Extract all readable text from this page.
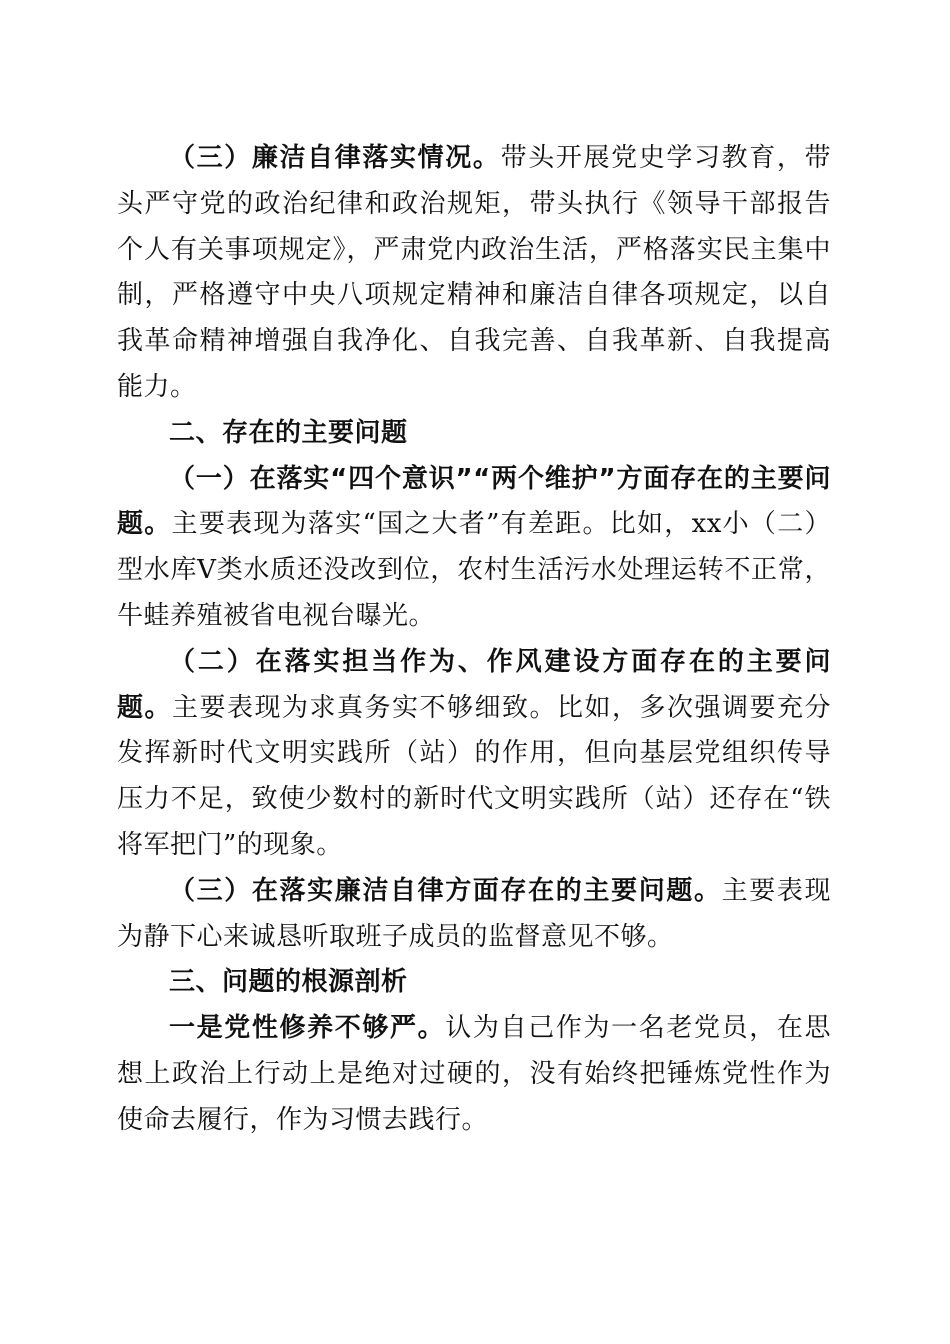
（三）廉洁自律落实情况。带头开展党史学习教育，带头严守党的政治纪律和政治规矩，带头执行《领导干部报告个人有关事项规定》，严肃党内政治生活，严格落实民主集中制，严格遵守中央八项规定精神和廉洁自律各项规定，以自我革命精神增强自我净化、自我完善、自我革新、自我提高能力。

二、存在的主要问题

（一）在落实“四个意识”“两个维护”方面存在的主要问题。主要表现为落实“国之大者”有差距。比如，xx小（二）型水库Ⅴ类水质还没改到位，农村生活污水处理运转不正常，牛蛙养殖被省电视台曝光。

（二）在落实担当作为、作风建设方面存在的主要问题。主要表现为求真务实不够细致。比如，多次强调要充分发挥新时代文明实践所（站）的作用，但向基层党组织传导压力不足，致使少数村的新时代文明实践所（站）还存在“铁将军把门”的现象。

（三）在落实廉洁自律方面存在的主要问题。主要表现为静下心来诚恳听取班子成员的监督意见不够。

三、问题的根源剖析

一是党性修养不够严。认为自己作为一名老党员，在思想上政治上行动上是绝对过硬的，没有始终把锤炼党性作为使命去履行，作为习惯去践行。
